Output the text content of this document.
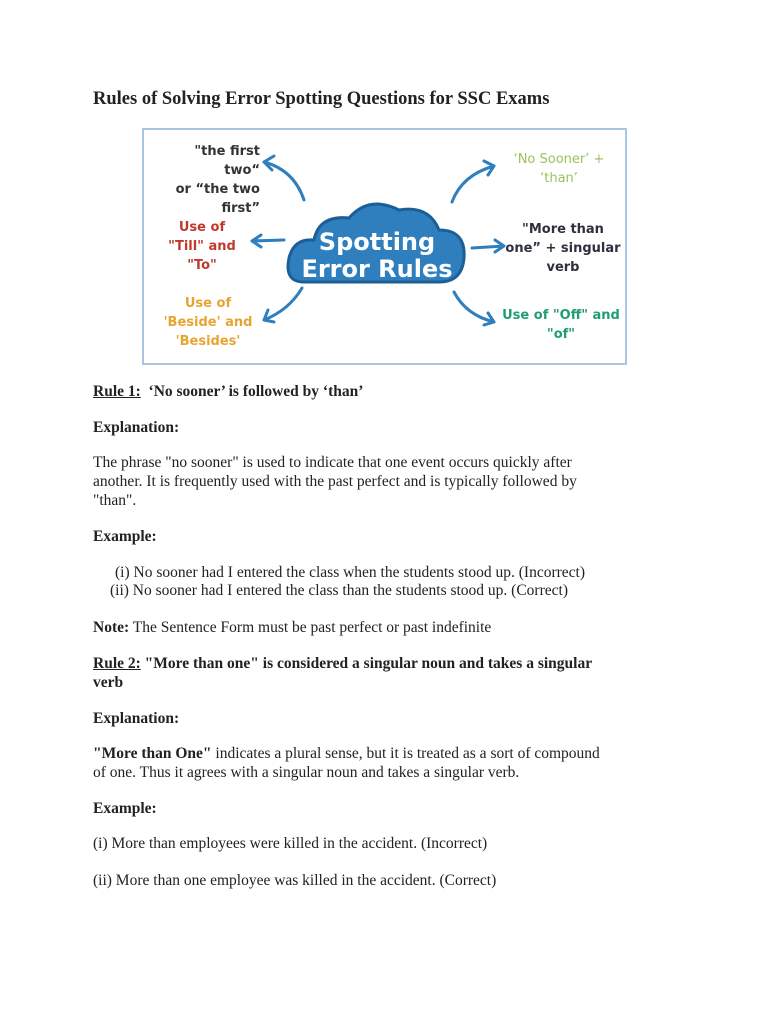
Rules of Solving Error Spotting Questions for SSC Exams
Spotting
Error Rules
"the first two“
or “the two
first”
Use of
"Till" and
"To"
Use of
'Beside' and
'Besides'
‘No Sooner’ +
‘than’
"More than
one” + singular
verb
Use of "Off" and
"of"
Rule 1: ‘No sooner’ is followed by ‘than’
Explanation:
The phrase "no sooner" is used to indicate that one event occurs quickly after
another. It is frequently used with the past perfect and is typically followed by
"than".
Example:
(i) No sooner had I entered the class when the students stood up. (Incorrect)
(ii) No sooner had I entered the class than the students stood up. (Correct)
Note: The Sentence Form must be past perfect or past indefinite
Rule 2: "More than one" is considered a singular noun and takes a singular
verb
Explanation:
"More than One" indicates a plural sense, but it is treated as a sort of compound
of one. Thus it agrees with a singular noun and takes a singular verb.
Example:
(i) More than employees were killed in the accident. (Incorrect)
(ii) More than one employee was killed in the accident. (Correct)
